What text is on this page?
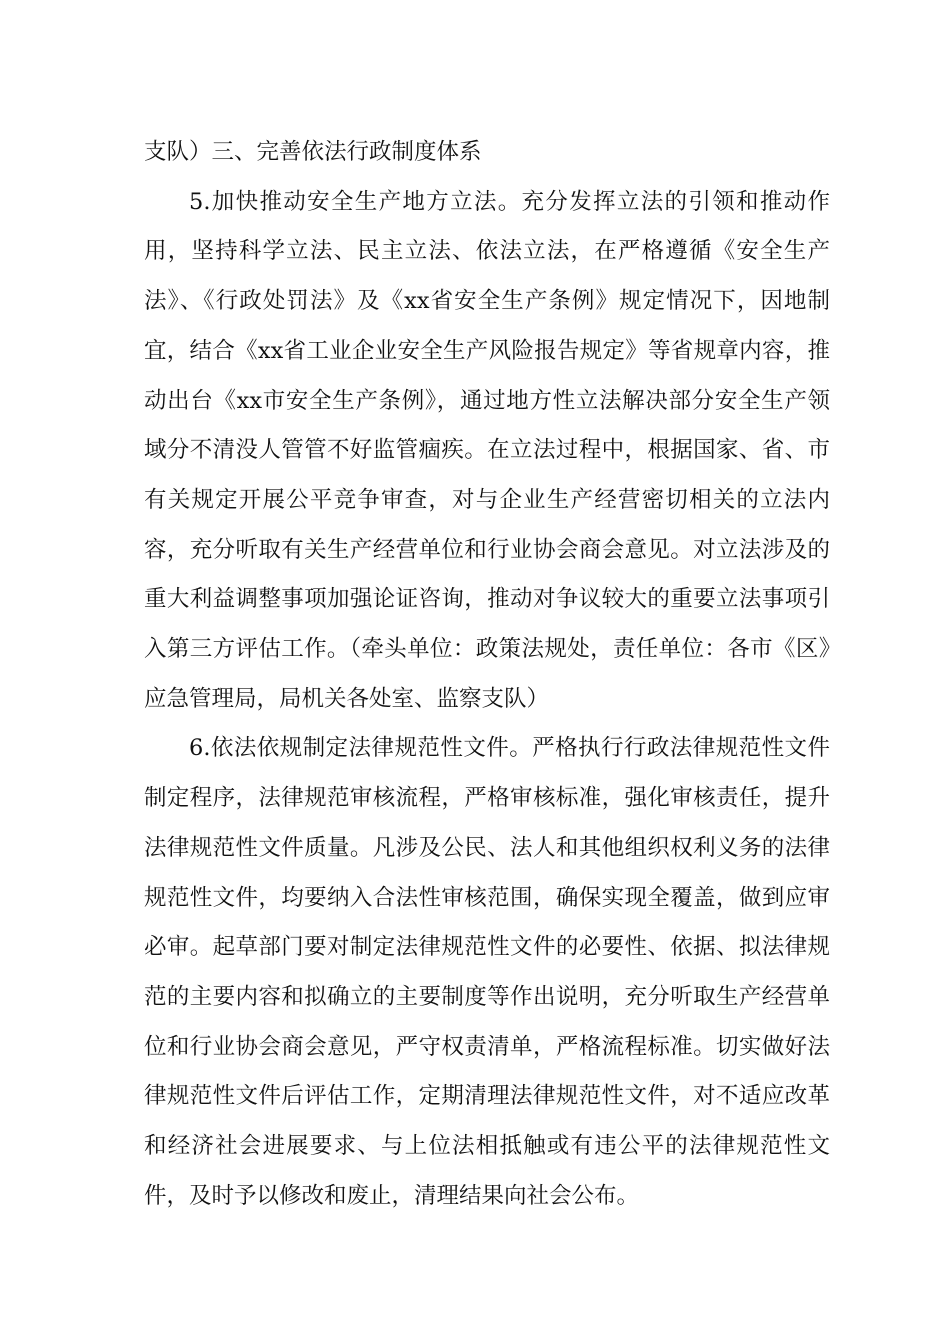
支队）三、完善依法行政制度体系

5.加快推动安全生产地方立法。充分发挥立法的引领和推动作用，坚持科学立法、民主立法、依法立法，在严格遵循《安全生产法》、《行政处罚法》及《xx省安全生产条例》规定情况下，因地制宜，结合《xx省工业企业安全生产风险报告规定》等省规章内容，推动出台《xx市安全生产条例》，通过地方性立法解决部分安全生产领域分不清没人管管不好监管痼疾。在立法过程中，根据国家、省、市有关规定开展公平竞争审查，对与企业生产经营密切相关的立法内容，充分听取有关生产经营单位和行业协会商会意见。对立法涉及的重大利益调整事项加强论证咨询，推动对争议较大的重要立法事项引入第三方评估工作。（牵头单位：政策法规处，责任单位：各市《区》应急管理局，局机关各处室、监察支队）

6.依法依规制定法律规范性文件。严格执行行政法律规范性文件制定程序，法律规范审核流程，严格审核标准，强化审核责任，提升法律规范性文件质量。凡涉及公民、法人和其他组织权利义务的法律规范性文件，均要纳入合法性审核范围，确保实现全覆盖，做到应审必审。起草部门要对制定法律规范性文件的必要性、依据、拟法律规范的主要内容和拟确立的主要制度等作出说明，充分听取生产经营单位和行业协会商会意见，严守权责清单，严格流程标准。切实做好法律规范性文件后评估工作，定期清理法律规范性文件，对不适应改革和经济社会进展要求、与上位法相抵触或有违公平的法律规范性文件，及时予以修改和废止，清理结果向社会公布。
